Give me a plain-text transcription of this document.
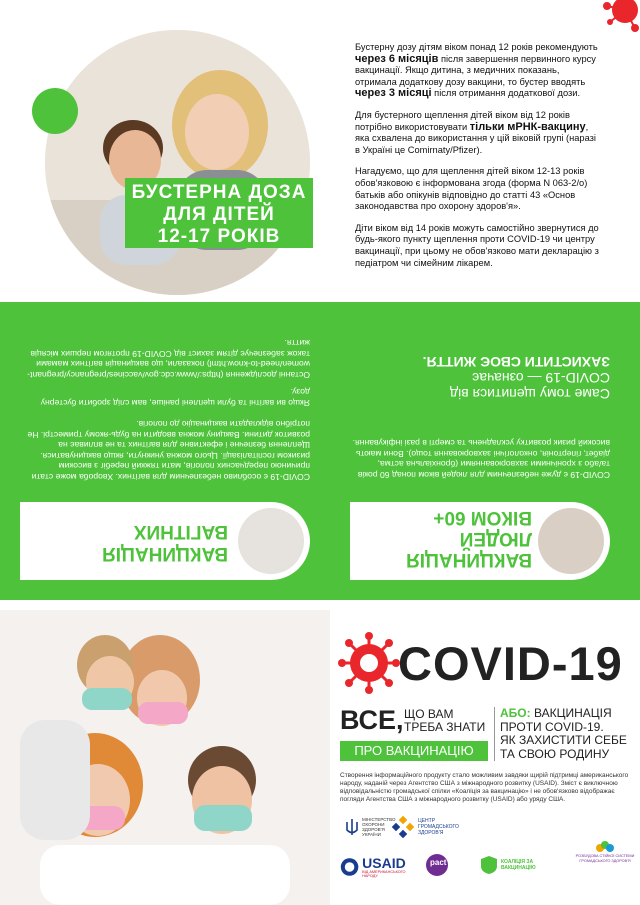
БУСТЕРНА ДОЗА
ДЛЯ ДІТЕЙ
12-17 РОКІВ

Бустерну дозу дітям віком понад 12 років рекомендують через 6 місяців після завершення первинного курсу вакцинації. Якщо дитина, з медичних показань, отримала додаткову дозу вакцини, то бустер вводять через 3 місяці після отримання додаткової дози.

Для бустерного щеплення дітей віком від 12 років потрібно використовувати тільки мРНК-вакцину, яка схвалена до використання у цій віковій групі (наразі в Україні це Comirnaty/Pfizer).

Нагадуємо, що для щеплення дітей віком 12-13 років обов'язковою є інформована згода (форма N 063-2/о) батьків або опікунів відповідно до статті 43 «Основ законодавства про охорону здоров'я».

Діти віком від 14 років можуть самостійно звернутися до будь-якого пункту щеплення проти COVID-19 чи центру вакцинації, при цьому не обов'язково мати декларацію з педіатром чи сімейним лікарем.

ВАКЦИНАЦІЯ
ЛЮДЕЙ
ВІКОМ 60+

COVID-19 є дуже небезпечним для людей віком понад 60 років та/або з хронічними захворюваннями (бронхіальна астма, діабет, гіпертонія, онкологічні захворювання тощо). Вони мають високий ризик розвитку ускладнень та смерті в разі інфікування.

Саме тому щепитися від
COVID-19 — означає
ЗАХИСТИТИ СВОЄ ЖИТТЯ.
ВАКЦИНАЦІЯ
ВАГІТНИХ

COVID-19 є особливо небезпечним для вагітних. Хвороба може стати причиною передчасних пологів, мати тяжкий перебіг з високим ризиком госпіталізації. Цього можна уникнути, якщо вакцинуватися. Щеплення безпечне і ефективне для вагітних та не впливає на розвиток дитини. Вакцину можна вводити на будь-якому триместрі. Не потрібно відкладати вакцинацію до пологів.

Якщо ви вагітні та були щеплені раніше, вам слід зробити бустерну дозу.

Останні дослідження (https://www.cdc.gov/vaccines/pregnancy/pregnant-women/need-to-know.html) показали, що вакцинація вагітних мамами також забезпечує дітям захист від COVID-19 протягом перших місяців життя.

COVID-19
ВСЕ, ЩО ВАМ
ТРЕБА ЗНАТИ
ПРО ВАКЦИНАЦІЮ
АБО: ВАКЦИНАЦІЯ
ПРОТИ COVID-19.
ЯК ЗАХИСТИТИ СЕБЕ
ТА СВОЮ РОДИНУ

Створення інформаційного продукту стало можливим завдяки щирій підтримці американського народу, наданій через Агентство США з міжнародного розвитку (USAID). Зміст є виключною відповідальністю громадської спілки «Коаліція за вакцинацію» і не обов'язково відображає погляди Агентства США з міжнародного розвитку (USAID) або уряду США.

МІНІСТЕРСТВО ОХОРОНИ ЗДОРОВ'Я УКРАЇНИ
ЦЕНТР ГРОМАДСЬКОГО ЗДОРОВ'Я
USAID
ВІД АМЕРИКАНСЬКОГО НАРОДУ
pact	КОАЛІЦІЯ ЗА ВАКЦИНАЦІЮ
РОЗБУДОВА СТІЙКОЇ СИСТЕМИ ГРОМАДСЬКОГО ЗДОРОВ'Я
